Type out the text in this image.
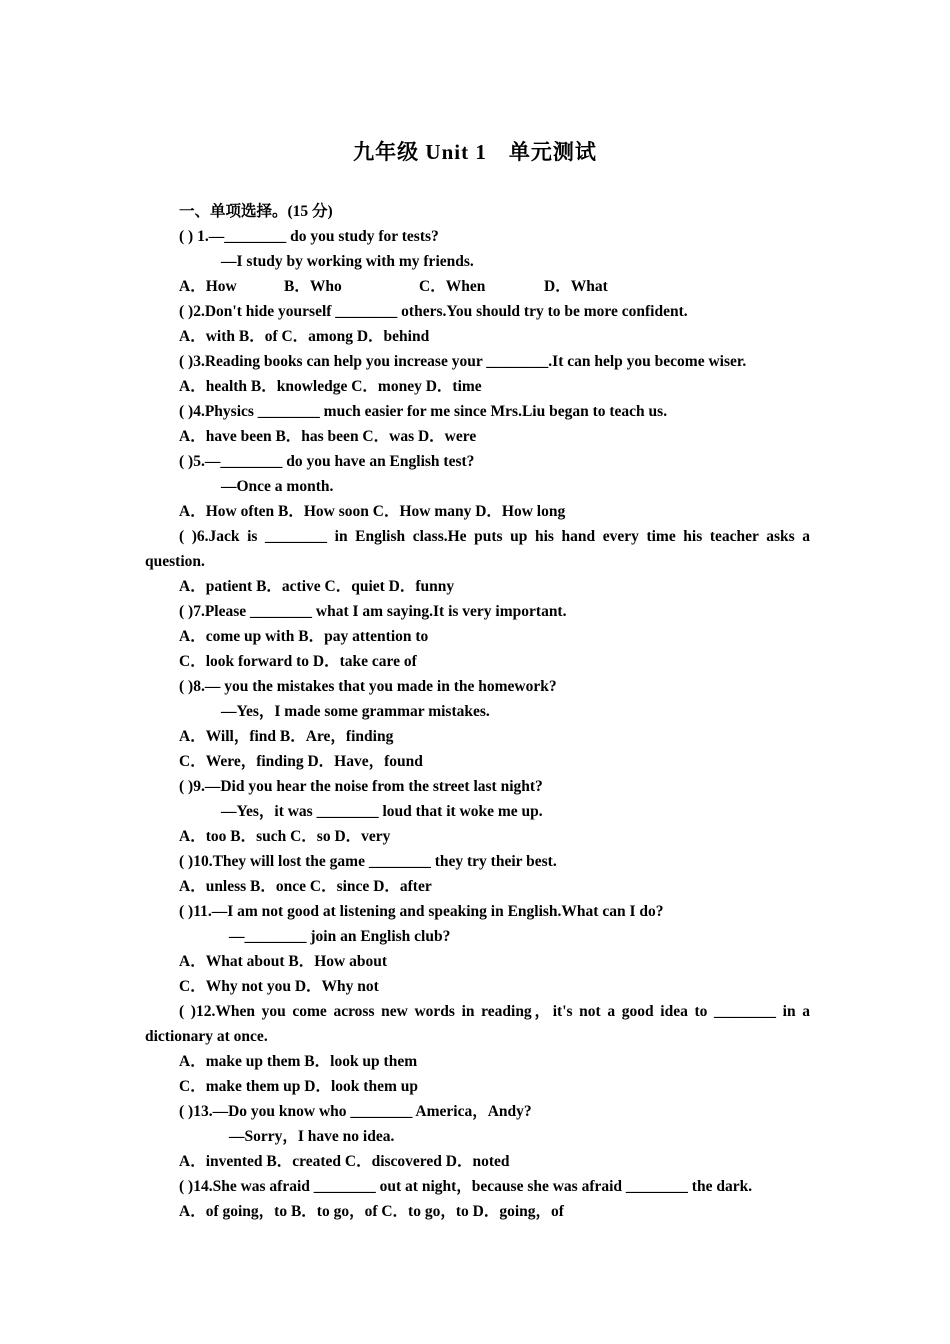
九年级 Unit 1　单元测试
一、单项选择。(15 分)
( ) 1.—________ do you study for tests?
—I study by working with my friends.
A．How	B．Who	C．When	D．What
( )2.Don't hide yourself ________ others.You should try to be more confident.
A．with B．of C．among D．behind
( )3.Reading books can help you increase your ________.It can help you become wiser.
A．health B．knowledge C．money D．time
( )4.Physics ________ much easier for me since Mrs.Liu began to teach us.
A．have been B．has been C．was D．were
( )5.—________ do you have an English test?
—Once a month.
A．How often B．How soon C．How many D．How long
( )6.Jack is ________ in English class.He puts up his hand every time his teacher asks a question.
A．patient B．active C．quiet D．funny
( )7.Please ________ what I am saying.It is very important.
A．come up with B．pay attention to
C．look forward to D．take care of
( )8.— you the mistakes that you made in the homework?
—Yes，I made some grammar mistakes.
A．Will，find B．Are，finding
C．Were，finding D．Have，found
( )9.—Did you hear the noise from the street last night?
—Yes，it was ________ loud that it woke me up.
A．too B．such C．so D．very
( )10.They will lost the game ________ they try their best.
A．unless B．once C．since D．after
( )11.—I am not good at listening and speaking in English.What can I do?
—________ join an English club?
A．What about B．How about
C．Why not you D．Why not
( )12.When you come across new words in reading，it's not a good idea to ________ in a dictionary at once.
A．make up them B．look up them
C．make them up D．look them up
( )13.—Do you know who ________ America，Andy?
—Sorry，I have no idea.
A．invented B．created C．discovered D．noted
( )14.She was afraid ________ out at night，because she was afraid ________ the dark.
A．of going，to B．to go，of C．to go，to D．going，of
